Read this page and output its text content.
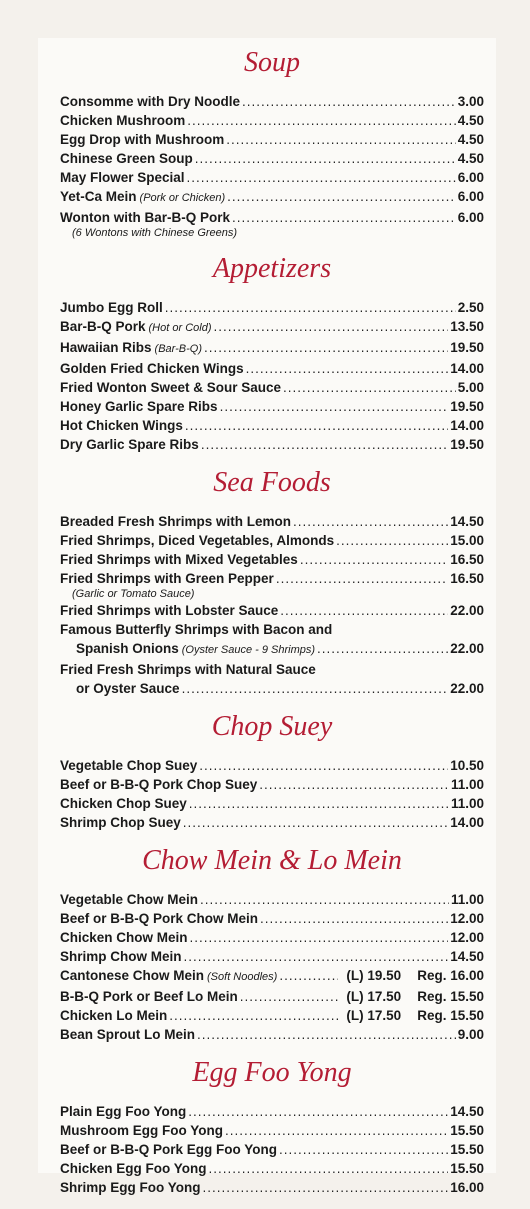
Soup
Consomme with Dry Noodle .....	3.00
Chicken Mushroom .....	4.50
Egg Drop with Mushroom .....	4.50
Chinese Green Soup .....	4.50
May Flower Special .....	6.00
Yet-Ca Mein (Pork or Chicken) .....	6.00
Wonton with Bar-B-Q Pork .....	6.00
(6 Wontons with Chinese Greens)
Appetizers
Jumbo Egg Roll .....	2.50
Bar-B-Q Pork (Hot or Cold) .....	13.50
Hawaiian Ribs (Bar-B-Q) .....	19.50
Golden Fried Chicken Wings .....	14.00
Fried Wonton Sweet & Sour Sauce .....	5.00
Honey Garlic Spare Ribs .....	19.50
Hot Chicken Wings .....	14.00
Dry Garlic Spare Ribs .....	19.50
Sea Foods
Breaded Fresh Shrimps with Lemon .....	14.50
Fried Shrimps, Diced Vegetables, Almonds .....	15.00
Fried Shrimps with Mixed Vegetables .....	16.50
Fried Shrimps with Green Pepper .....	16.50
(Garlic or Tomato Sauce)
Fried Shrimps with Lobster Sauce .....	22.00
Famous Butterfly Shrimps with Bacon and
Spanish Onions (Oyster Sauce - 9 Shrimps) .....	22.00
Fried Fresh Shrimps with Natural Sauce
or Oyster Sauce .....	22.00
Chop Suey
Vegetable Chop Suey .....	10.50
Beef or B-B-Q Pork Chop Suey .....	11.00
Chicken Chop Suey .....	11.00
Shrimp Chop Suey .....	14.00
Chow Mein & Lo Mein
Vegetable Chow Mein .....	11.00
Beef or B-B-Q Pork Chow Mein .....	12.00
Chicken Chow Mein .....	12.00
Shrimp Chow Mein .....	14.50
Cantonese Chow Mein (Soft Noodles) .....	(L) 19.50 Reg. 16.00
B-B-Q Pork or Beef Lo Mein .....	(L) 17.50 Reg. 15.50
Chicken Lo Mein .....	(L) 17.50 Reg. 15.50
Bean Sprout Lo Mein .....	9.00
Egg Foo Yong
Plain Egg Foo Yong .....	14.50
Mushroom Egg Foo Yong .....	15.50
Beef or B-B-Q Pork Egg Foo Yong .....	15.50
Chicken Egg Foo Yong .....	15.50
Shrimp Egg Foo Yong .....	16.00
